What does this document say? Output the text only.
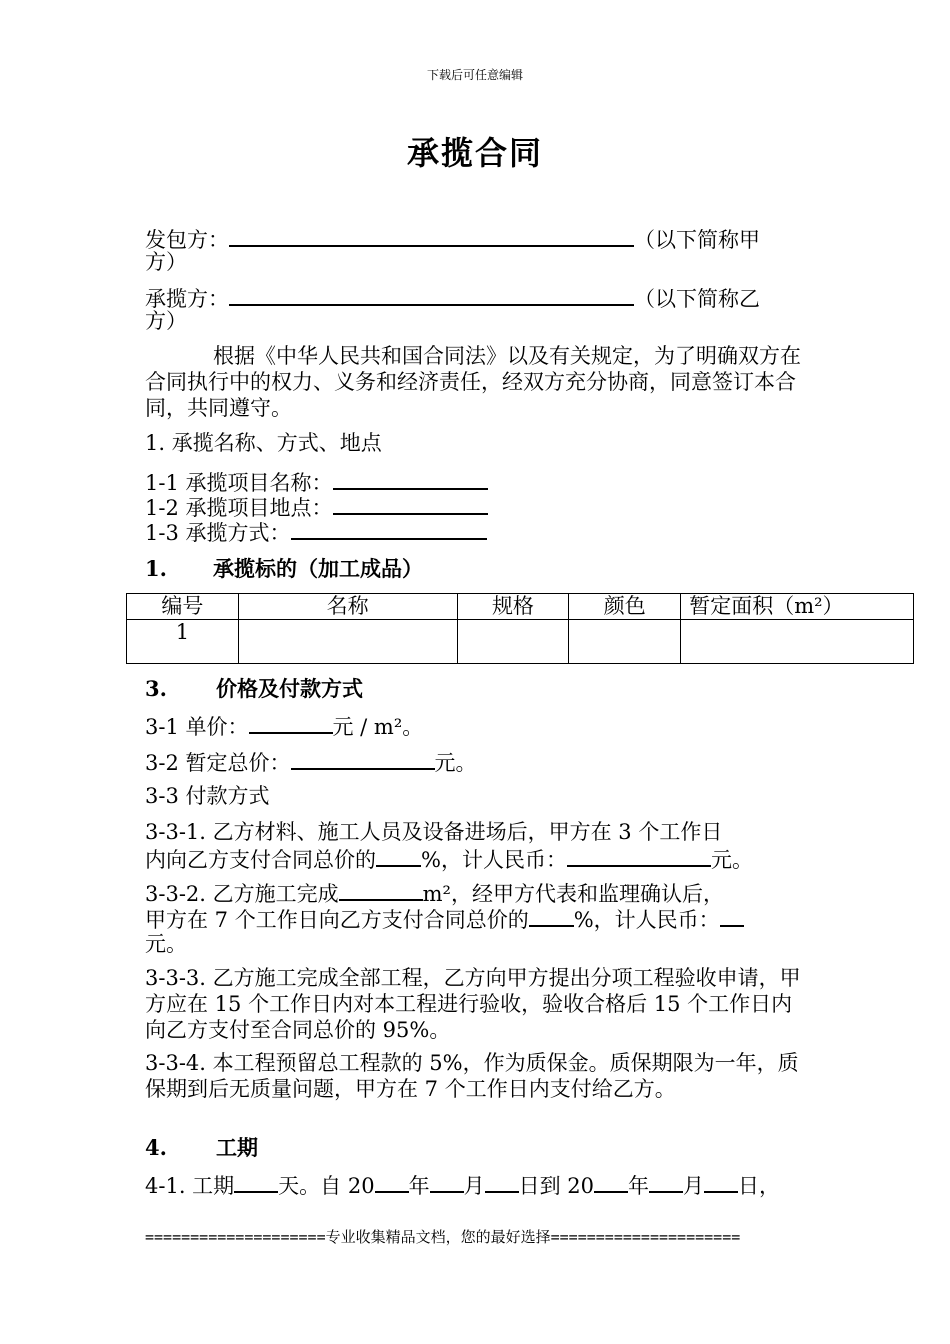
下载后可任意编辑
承揽合同
发包方：	（以下简称甲
方）
承揽方：	（以下简称乙
方）
根据《中华人民共和国合同法》以及有关规定，为了明确双方在合同执行中的权力、义务和经济责任，经双方充分协商，同意签订本合同，共同遵守。
1. 承揽名称、方式、地点
1-1 承揽项目名称：
1-2 承揽项目地点：
1-3 承揽方式：
1. 承揽标的（加工成品）
编号	名称	规格	颜色	暂定面积（m²）
1				
3. 价格及付款方式
3-1 单价：	元 / m²。
3-2 暂定总价：	元。
3-3 付款方式
3-3-1. 乙方材料、施工人员及设备进场后，甲方在 3 个工作日
内向乙方支付合同总价的 %，计人民币：	元。
3-3-2. 乙方施工完成	m²，经甲方代表和监理确认后，
甲方在 7 个工作日向乙方支付合同总价的 %，计人民币：
元。
3-3-3. 乙方施工完成全部工程，乙方向甲方提出分项工程验收申请，甲方应在 15 个工作日内对本工程进行验收，验收合格后 15 个工作日内向乙方支付至合同总价的 95%。
3-3-4. 本工程预留总工程款的 5%，作为质保金。质保期限为一年，质保期到后无质量问题，甲方在 7 个工作日内支付给乙方。
4. 工期
4-1. 工期 天。自 20 年 月 日到 20 年 月 日，
====================专业收集精品文档，您的最好选择=====================
